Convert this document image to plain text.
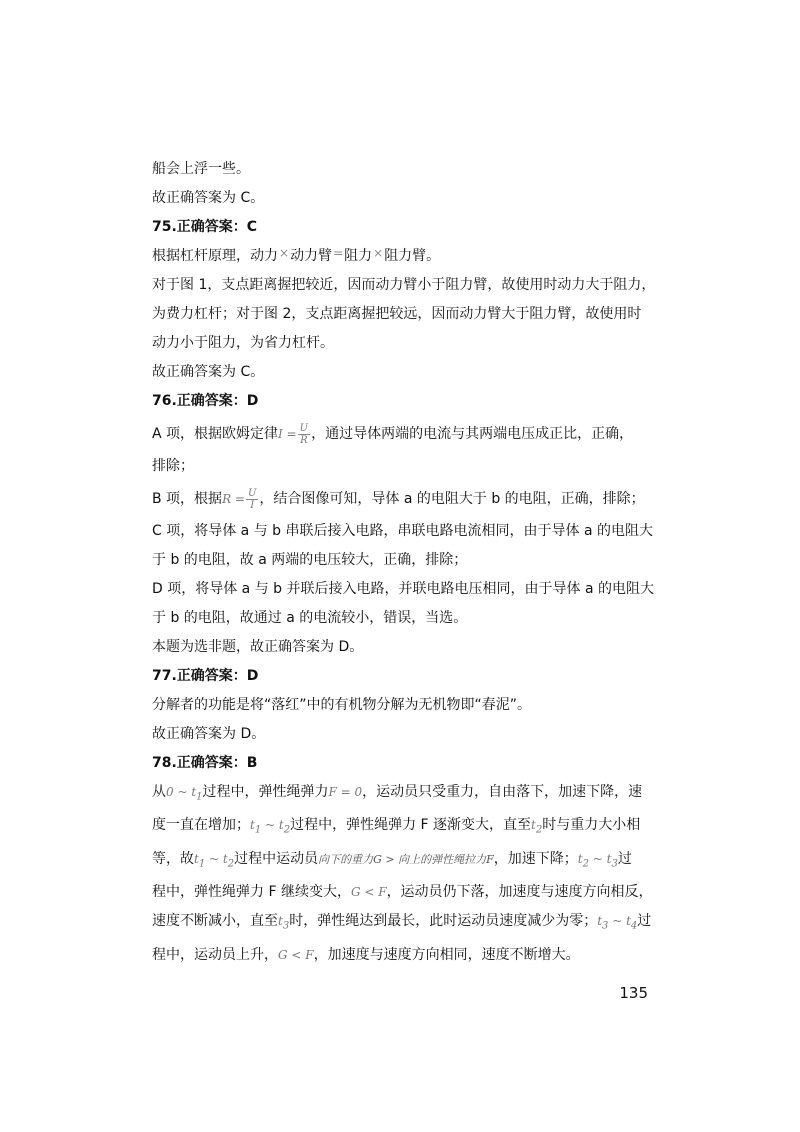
船会上浮一些。
故正确答案为 C。
75.正确答案：C
根据杠杆原理，动力×动力臂=阻力×阻力臂。
对于图 1，支点距离握把较近，因而动力臂小于阻力臂，故使用时动力大于阻力，
为费力杠杆；对于图 2，支点距离握把较远，因而动力臂大于阻力臂，故使用时
动力小于阻力，为省力杠杆。
故正确答案为 C。
76.正确答案：D
A 项，根据欧姆定律 $I = \frac{U}{R}$ ，通过导体两端的电流与其两端电压成正比，正确，
排除；
B 项，根据 $R = \frac{U}{I}$ ，结合图像可知，导体 a 的电阻大于 b 的电阻，正确，排除；
C 项，将导体 a 与 b 串联后接入电路，串联电路电流相同，由于导体 a 的电阻大
于 b 的电阻，故 a 两端的电压较大，正确，排除；
D 项，将导体 a 与 b 并联后接入电路，并联电路电压相同，由于导体 a 的电阻大
于 b 的电阻，故通过 a 的电流较小，错误，当选。
本题为选非题，故正确答案为 D。
77.正确答案：D
分解者的功能是将“落红”中的有机物分解为无机物即“春泥”。
故正确答案为 D。
78.正确答案：B
从0 ~ $t_1$过程中，弹性绳弹力F = 0，运动员只受重力，自由落下，加速下降，速
度一直在增加；$t_1$ ~ $t_2$过程中，弹性绳弹力 F 逐渐变大，直至$t_2$时与重力大小相
等，故$t_1$ ~ $t_2$过程中运动员向下的重力G > 向上的弹性绳拉力F，加速下降；$t_2$ ~ $t_3$过
程中，弹性绳弹力 F 继续变大，G < F，运动员仍下落，加速度与速度方向相反，
速度不断减小，直至$t_3$时，弹性绳达到最长，此时运动员速度减少为零；$t_3$ ~ $t_4$过
程中，运动员上升，G < F，加速度与速度方向相同，速度不断增大。
135
